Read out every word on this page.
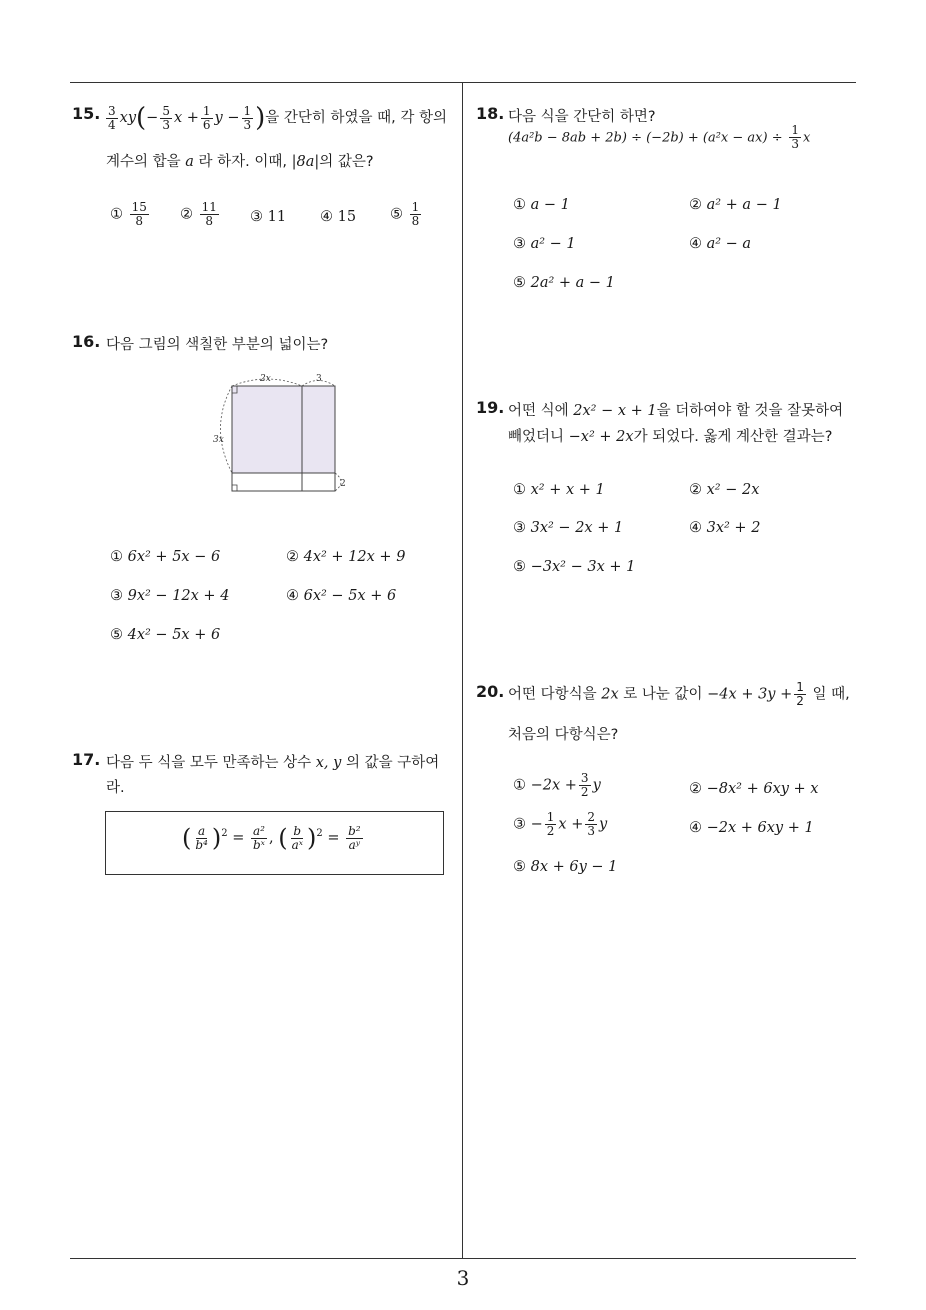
3
15. $\frac{3}{4} xy(- \frac{5}{3}$ $x + \frac{1}{6}$ $y - \frac{1}{3}$ )을 간단히 하였을 때, 각 항의
계수의 합을 a 라 하자. 이때, |8a|의 값은?
① $\frac{15}{8}$ ② $\frac{11}{8}$ ③ 11 ④ 15 ⑤ $\frac{1}{8}$
16. 다음 그림의 색칠한 부분의 넓이는?
2x	3
3x
2
① 6x² + 5x − 6	② 4x² + 12x + 9
③ 9x² − 12x + 4	④ 6x² − 5x + 6
⑤ 4x² − 5x + 6
17. 다음 두 식을 모두 만족하는 상수 x, y 의 값을 구하여
라.
( $\frac{a}{\text{b⁴}} )^2 = \frac{\text{a²}}{\text{bˣ}}$ , ( $\frac{b}{\text{aˣ}} )^2 = \frac{\text{b²}}{\text{aʸ}}$
18. 다음 식을 간단히 하면?
$(4a^2b - 8ab + 2b) \div (-2b) + (a^2x - ax) \div \frac{1}{3}$ x
① a − 1	② a² + a − 1
③ a² − 1	④ a² − a
⑤ 2a² + a − 1
19. 어떤 식에 2x² − x + 1을 더하여야 할 것을 잘못하여
빼었더니 −x² + 2x가 되었다. 옳게 계산한 결과는?
① x² + x + 1	② x² − 2x
③ 3x² − 2x + 1	④ 3x² + 2
⑤ −3x² − 3x + 1
20. 어떤 다항식을 2x 로 나눈 값이 $-4x + 3y + \frac{1}{2}$ 일 때,
처음의 다항식은?
① $-2x + \frac{3}{2}$ y	② −8x² + 6xy + x
③ − $\frac{1}{2}$ $x + \frac{2}{3}$ y	④ −2x + 6xy + 1
⑤ 8x + 6y − 1
